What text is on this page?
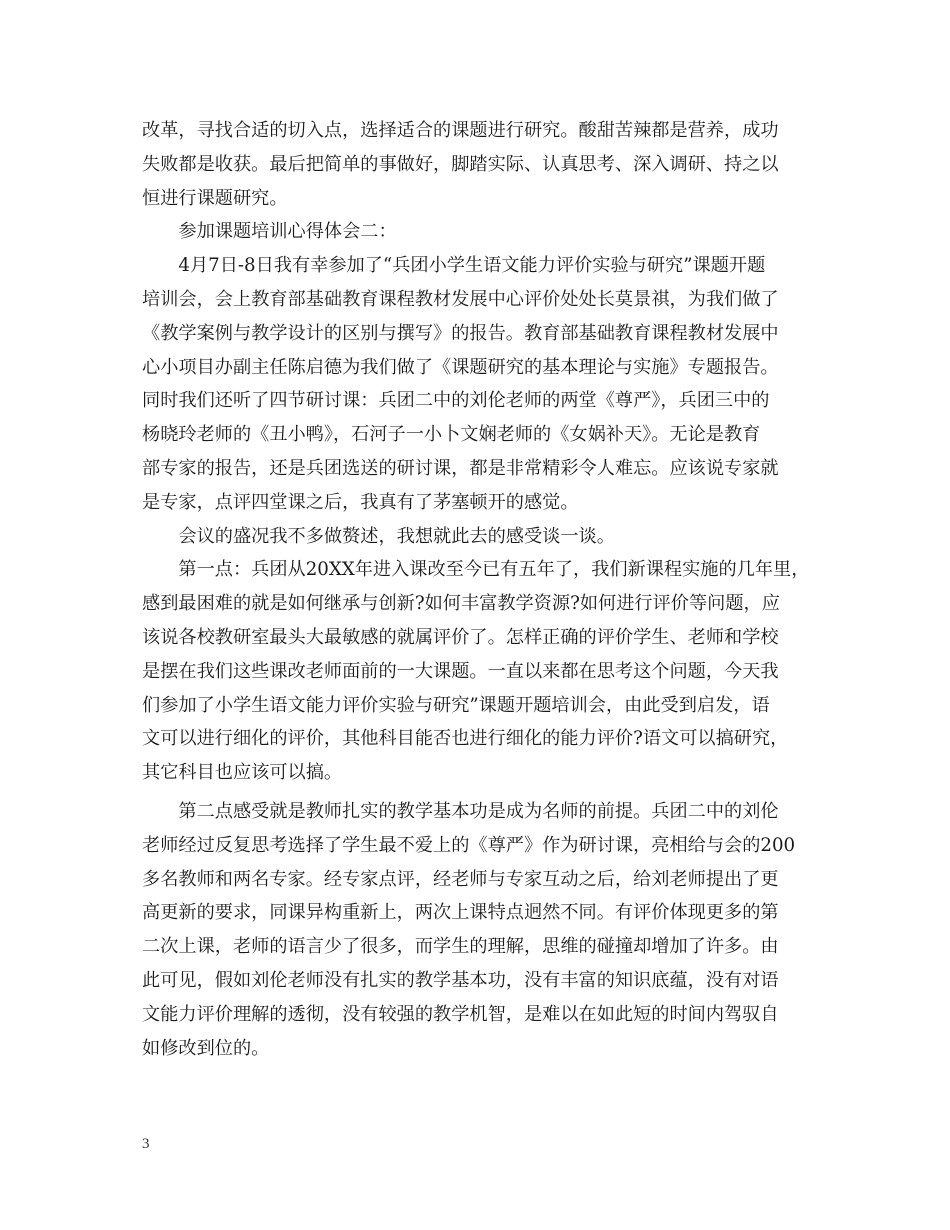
改革，寻找合适的切入点，选择适合的课题进行研究。酸甜苦辣都是营养，成功
失败都是收获。最后把简单的事做好，脚踏实际、认真思考、深入调研、持之以
恒进行课题研究。
　　参加课题培训心得体会二：
　　4月7日-8日我有幸参加了“兵团小学生语文能力评价实验与研究”课题开题
培训会，会上教育部基础教育课程教材发展中心评价处处长莫景祺，为我们做了
《教学案例与教学设计的区别与撰写》的报告。教育部基础教育课程教材发展中
心小项目办副主任陈启德为我们做了《课题研究的基本理论与实施》专题报告。
同时我们还听了四节研讨课：兵团二中的刘伦老师的两堂《尊严》，兵团三中的
杨晓玲老师的《丑小鸭》，石河子一小卜文娴老师的《女娲补天》。无论是教育
部专家的报告，还是兵团选送的研讨课，都是非常精彩令人难忘。应该说专家就
是专家，点评四堂课之后，我真有了茅塞顿开的感觉。
　　会议的盛况我不多做赘述，我想就此去的感受谈一谈。
　　第一点：兵团从20XX年进入课改至今已有五年了，我们新课程实施的几年里，
感到最困难的就是如何继承与创新?如何丰富教学资源?如何进行评价等问题，应
该说各校教研室最头大最敏感的就属评价了。怎样正确的评价学生、老师和学校
是摆在我们这些课改老师面前的一大课题。一直以来都在思考这个问题，今天我
们参加了小学生语文能力评价实验与研究”课题开题培训会，由此受到启发，语
文可以进行细化的评价，其他科目能否也进行细化的能力评价?语文可以搞研究，
其它科目也应该可以搞。
　　第二点感受就是教师扎实的教学基本功是成为名师的前提。兵团二中的刘伦
老师经过反复思考选择了学生最不爱上的《尊严》作为研讨课，亮相给与会的200
多名教师和两名专家。经专家点评，经老师与专家互动之后，给刘老师提出了更
高更新的要求，同课异构重新上，两次上课特点迥然不同。有评价体现更多的第
二次上课，老师的语言少了很多，而学生的理解，思维的碰撞却增加了许多。由
此可见，假如刘伦老师没有扎实的教学基本功，没有丰富的知识底蕴，没有对语
文能力评价理解的透彻，没有较强的教学机智，是难以在如此短的时间内驾驭自
如修改到位的。
3
